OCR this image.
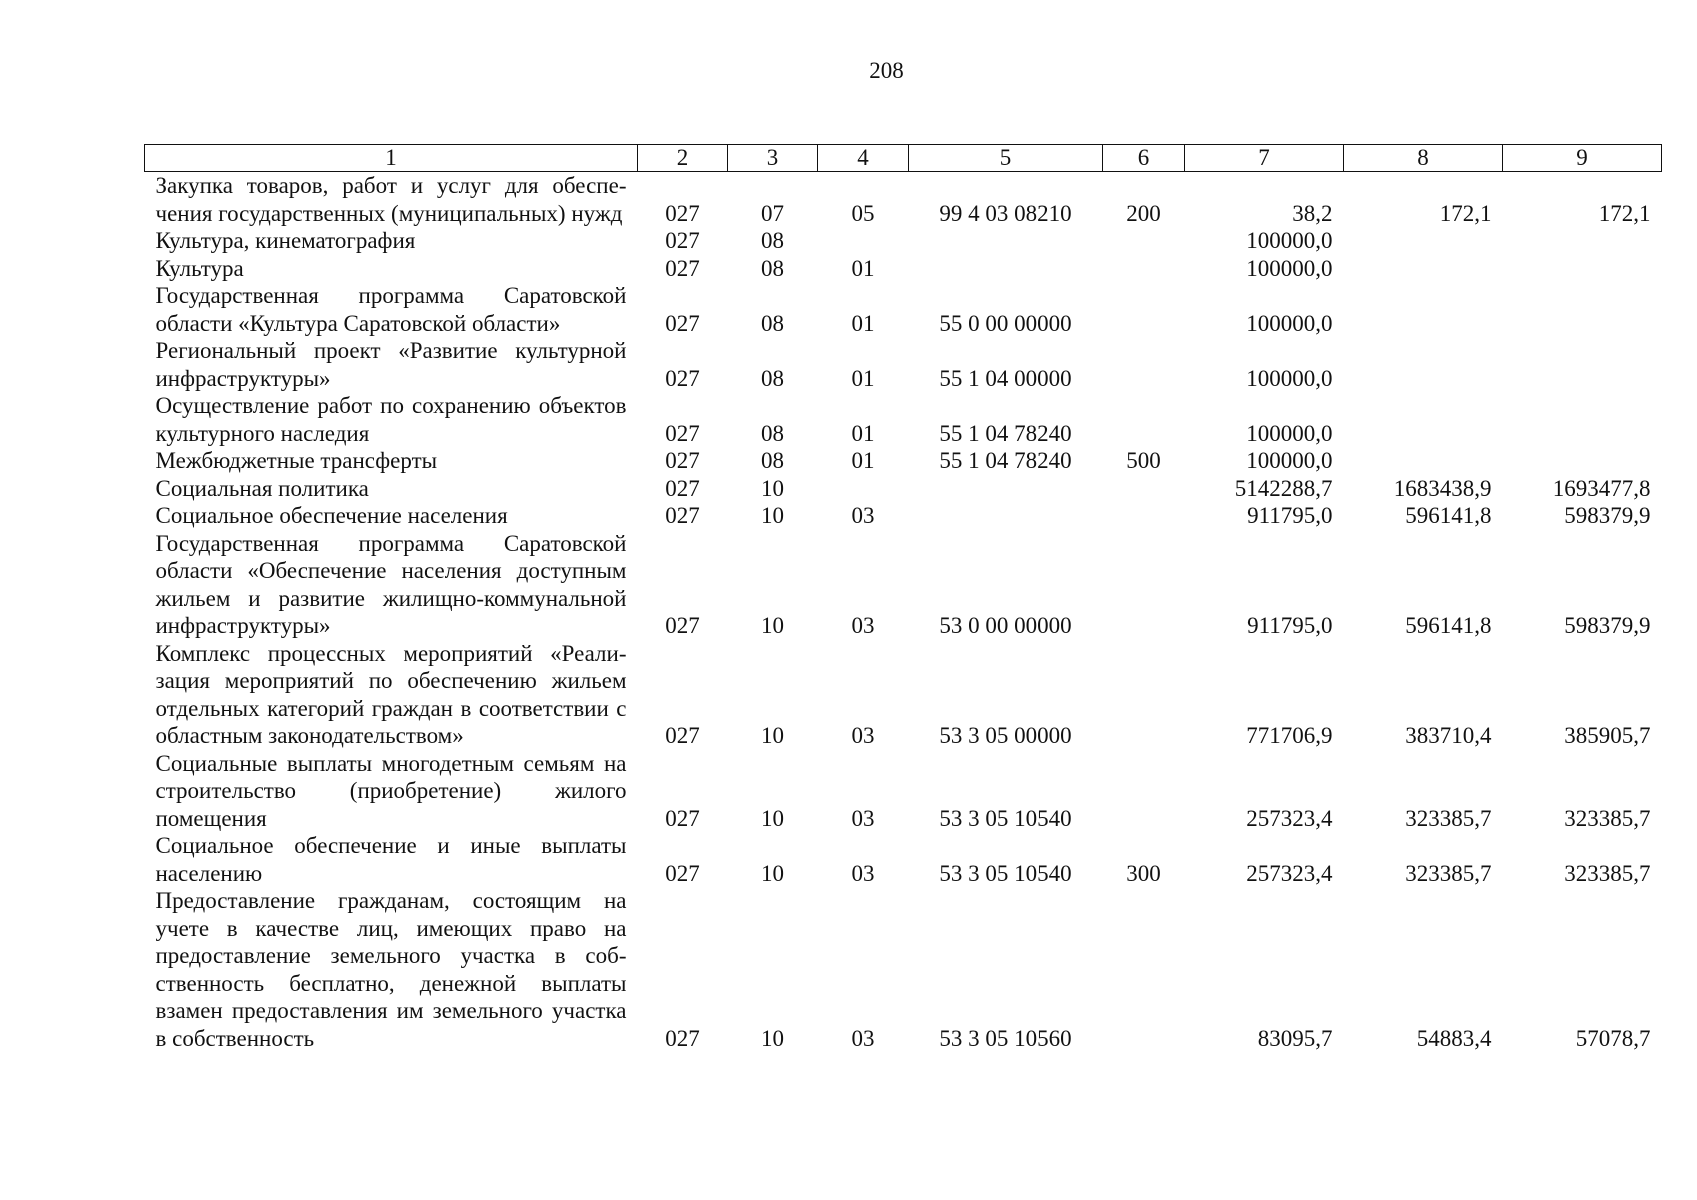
208
1	2	3	4	5	6	7	8	9
Закупка товаров, работ и услуг для обеспечения государственных (муниципальных) нужд	027	07	05	99 4 03 08210	200	38,2	172,1	172,1
Культура, кинематография	027	08				100000,0		
Культура	027	08	01			100000,0		
Государственная программа Саратовской области «Культура Саратовской области»	027	08	01	55 0 00 00000		100000,0		
Региональный проект «Развитие культурной инфраструктуры»	027	08	01	55 1 04 00000		100000,0		
Осуществление работ по сохранению объектов культурного наследия	027	08	01	55 1 04 78240		100000,0		
Межбюджетные трансферты	027	08	01	55 1 04 78240	500	100000,0		
Социальная политика	027	10				5142288,7	1683438,9	1693477,8
Социальное обеспечение населения	027	10	03			911795,0	596141,8	598379,9
Государственная программа Саратовской области «Обеспечение населения доступным жильем и развитие жилищно-коммунальной инфраструктуры»	027	10	03	53 0 00 00000		911795,0	596141,8	598379,9
Комплекс процессных мероприятий «Реализация мероприятий по обеспечению жильем отдельных категорий граждан в соответствии с областным законодательством»	027	10	03	53 3 05 00000		771706,9	383710,4	385905,7
Социальные выплаты многодетным семьям на строительство (приобретение) жилого помещения	027	10	03	53 3 05 10540		257323,4	323385,7	323385,7
Социальное обеспечение и иные выплаты населению	027	10	03	53 3 05 10540	300	257323,4	323385,7	323385,7
Предоставление гражданам, состоящим на учете в качестве лиц, имеющих право на предоставление земельного участка в собственность бесплатно, денежной выплаты взамен предоставления им земельного участка в собственность	027	10	03	53 3 05 10560		83095,7	54883,4	57078,7
